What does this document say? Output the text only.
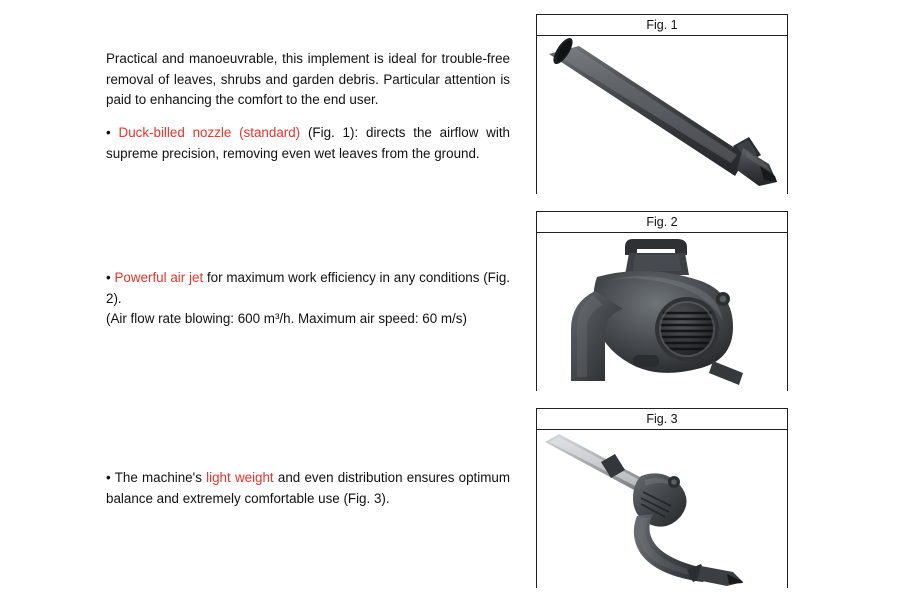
Practical and manoeuvrable, this implement is ideal for trouble-free removal of leaves, shrubs and garden debris. Particular attention is paid to enhancing the comfort to the end user.

• Duck-billed nozzle (standard) (Fig. 1): directs the airflow with supreme precision, removing even wet leaves from the ground.

• Powerful air jet for maximum work efficiency in any conditions (Fig. 2).
(Air flow rate blowing: 600 m³/h. Maximum air speed: 60 m/s)

• The machine's light weight and even distribution ensures optimum balance and extremely comfortable use (Fig. 3).

Fig. 1
Fig. 2
Fig. 3
